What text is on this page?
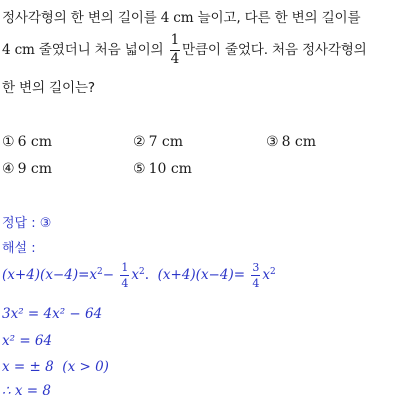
정사각형의 한 변의 길이를 4 cm 늘이고, 다른 한 변의 길이를
4 cm 줄였더니 처음 넓이의 $\frac{1}{4}$ 만큼이 줄었다. 처음 정사각형의
한 변의 길이는?
① 6 cm	② 7 cm	③ 8 cm
④ 9 cm	⑤ 10 cm
정답 : ③
해설 :
$(x+4)(x-4)=x^2- \frac{1}{4} x^2$. $(x+4)(x-4)= \frac{3}{4} x^2$
3x² = 4x² − 64
x² = 64
x = ± 8 (x > 0)
∴ x = 8
